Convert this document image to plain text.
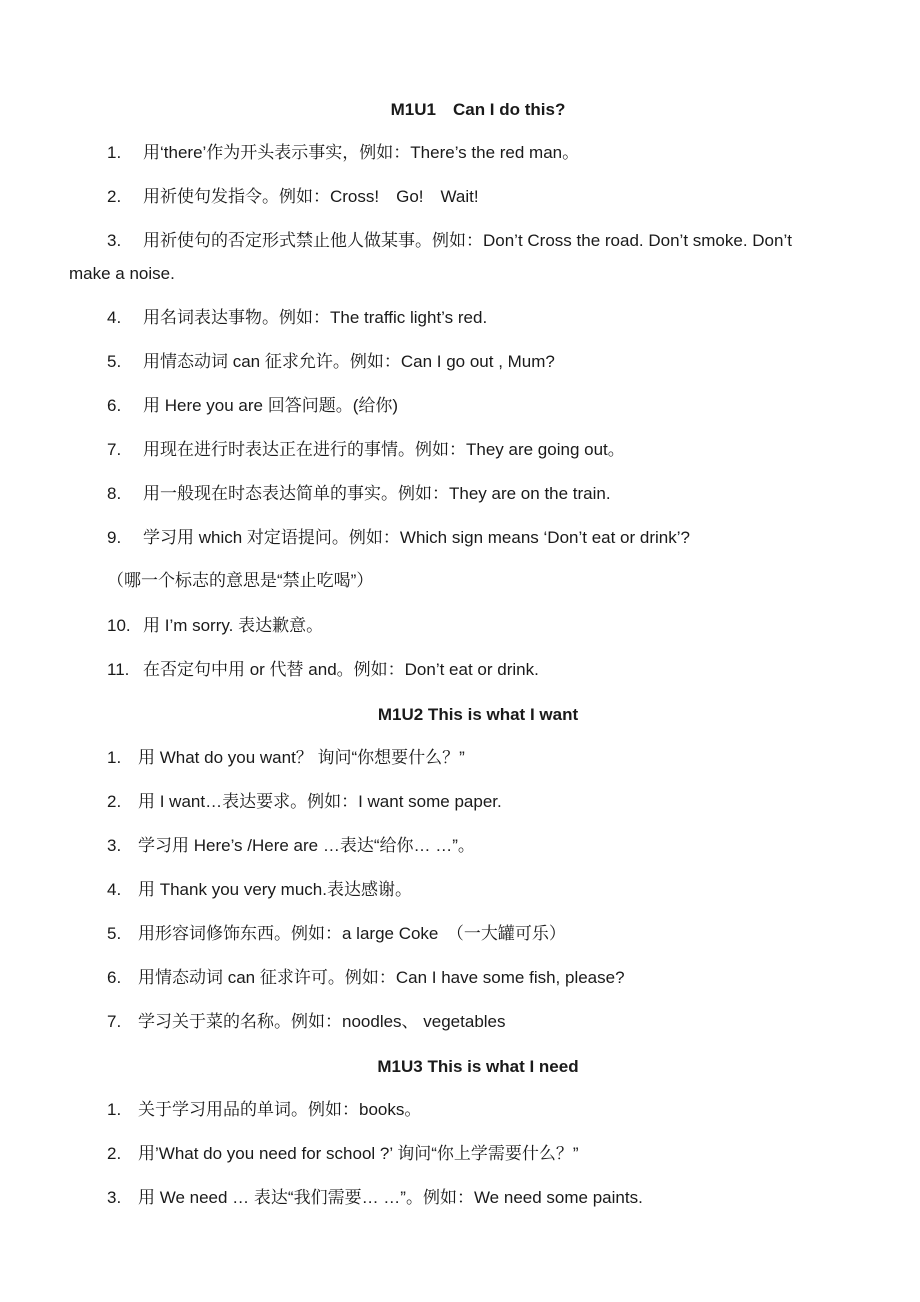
M1U1　Can I do this?
1. 用‘there’作为开头表示事实，例如：There’s the red man。
2. 用祈使句发指令。例如：Cross!　Go!　Wait!
3. 用祈使句的否定形式禁止他人做某事。例如：Don’t Cross the road. Don’t smoke. Don’t
make a noise.
4. 用名词表达事物。例如：The traffic light’s red.
5. 用情态动词 can 征求允许。例如：Can I go out , Mum?
6. 用 Here you are 回答问题。(给你)
7. 用现在进行时表达正在进行的事情。例如：They are going out。
8. 用一般现在时态表达简单的事实。例如：They are on the train.
9. 学习用 which 对定语提问。例如：Which sign means ‘Don’t eat or drink’?
（哪一个标志的意思是“禁止吃喝”）
10. 用 I’m sorry. 表达歉意。
11. 在否定句中用 or 代替 and。例如：Don’t eat or drink.
M1U2 This is what I want
1. 用 What do you want？ 询问“你想要什么？”
2. 用 I want…表达要求。例如：I want some paper.
3. 学习用 Here’s /Here are …表达“给你… …”。
4. 用 Thank you very much.表达感谢。
5. 用形容词修饰东西。例如：a large Coke　（一大罐可乐）
6. 用情态动词 can 征求许可。例如：Can I have some fish, please?
7. 学习关于菜的名称。例如：noodles、 vegetables
M1U3 This is what I need
1. 关于学习用品的单词。例如：books。
2. 用’What do you need for school ?’ 询问“你上学需要什么？”
3. 用 We need … 表达“我们需要… …”。例如：We need some paints.
